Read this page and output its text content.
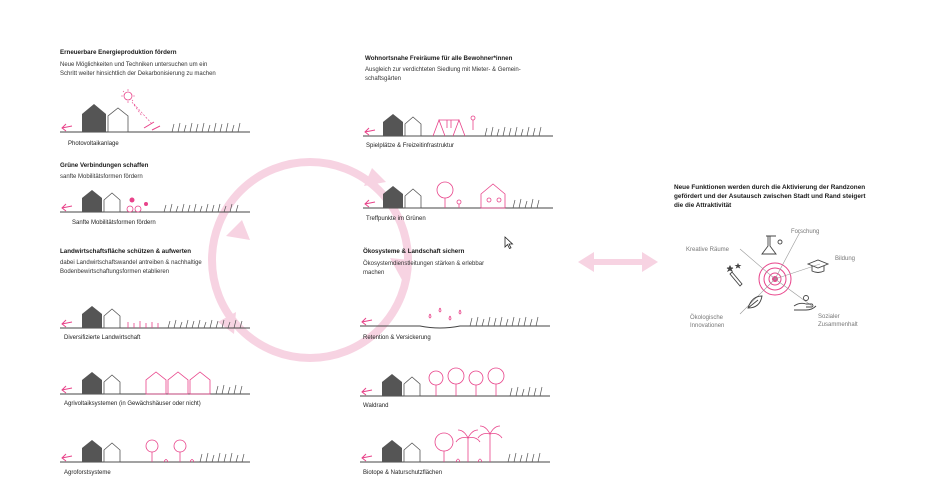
Erneuerbare Energieproduktion fördern
Neue Möglichkeiten und Techniken untersuchen um ein
Schritt weiter hinsichtlich der Dekarbonisierung zu machen
Photovoltaikanlage
Grüne Verbindungen schaffen
sanfte Mobilitätsformen fördern
Sanfte Mobilitätsformen fördern
Landwirtschaftsfläche schützen & aufwerten
dabei Landwirtschaftswandel antreiben & nachhaltige
Bodenbewirtschaftungsformen etablieren
Diversifizierte Landwirtschaft
Agrivoltaiksystemen (in Gewächshäuser oder nicht)
Agroforstsysteme
Wohnortsnahe Freiräume für alle Bewohner*innen
Ausgleich zur verdichteten Siedlung mit Mieter- & Gemein-
schaftsgärten
Spielplätze & Freizeitinfrastruktur
Treffpunkte im Grünen
Ökosysteme & Landschaft sichern
Ökosystemdienstleitungen stärken & erlebbar
machen
Retention & Versickerung
Waldrand
Biotope & Naturschutzflächen
Neue Funktionen werden durch die Aktivierung der Randzonen
gefördert und der Asutausch zwischen Stadt und Rand steigert
die die Attraktivität
Kreative Räume
Forschung
Bildung
Ökologische
Innovationen
Sozialer
Zusammenhalt
